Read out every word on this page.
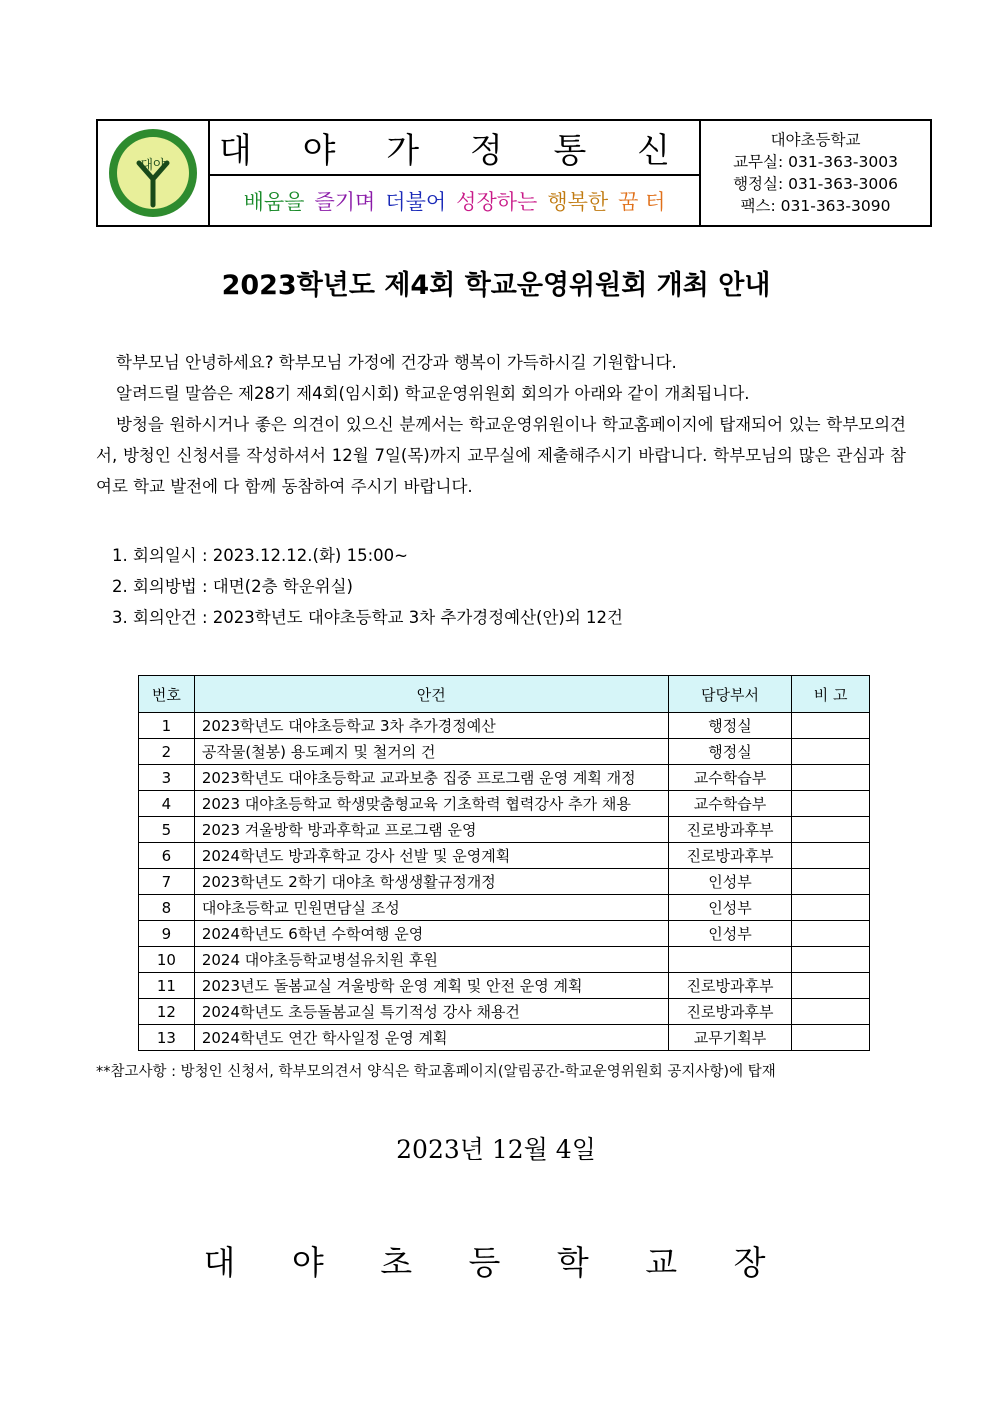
대야 대 야 가 정 통 신
배움을 즐기며 더불어 성장하는 행복한 꿈 터
대야초등학교
교무실: 031-363-3003
행정실: 031-363-3006
팩스: 031-363-3090
2023학년도 제4회 학교운영위원회 개최 안내

학부모님 안녕하세요? 학부모님 가정에 건강과 행복이 가득하시길 기원합니다.

알려드릴 말씀은 제28기 제4회(임시회) 학교운영위원회 회의가 아래와 같이 개최됩니다.

방청을 원하시거나 좋은 의견이 있으신 분께서는 학교운영위원이나 학교홈페이지에 탑재되어 있는 학부모의견서, 방청인 신청서를 작성하셔서 12월 7일(목)까지 교무실에 제출해주시기 바랍니다. 학부모님의 많은 관심과 참여로 학교 발전에 다 함께 동참하여 주시기 바랍니다.

1. 회의일시 : 2023.12.12.(화) 15:00~
2. 회의방법 : 대면(2층 학운위실)
3. 회의안건 : 2023학년도 대야초등학교 3차 추가경정예산(안)외 12건
번호	안건	담당부서	비 고
1	2023학년도 대야초등학교 3차 추가경정예산	행정실	
2	공작물(철봉) 용도폐지 및 철거의 건	행정실	
3	2023학년도 대야초등학교 교과보충 집중 프로그램 운영 계획 개정	교수학습부	
4	2023 대야초등학교 학생맞춤형교육 기초학력 협력강사 추가 채용	교수학습부	
5	2023 겨울방학 방과후학교 프로그램 운영	진로방과후부	
6	2024학년도 방과후학교 강사 선발 및 운영계획	진로방과후부	
7	2023학년도 2학기 대야초 학생생활규정개정	인성부	
8	대야초등학교 민원면담실 조성	인성부	
9	2024학년도 6학년 수학여행 운영	인성부	
10	2024 대야초등학교병설유치원 후원		
11	2023년도 돌봄교실 겨울방학 운영 계획 및 안전 운영 계획	진로방과후부	
12	2024학년도 초등돌봄교실 특기적성 강사 채용건	진로방과후부	
13	2024학년도 연간 학사일정 운영 계획	교무기획부	
**참고사항 : 방청인 신청서, 학부모의견서 양식은 학교홈페이지(알림공간-학교운영위원회 공지사항)에 탑재
2023년 12월 4일
대 야 초 등 학 교 장
